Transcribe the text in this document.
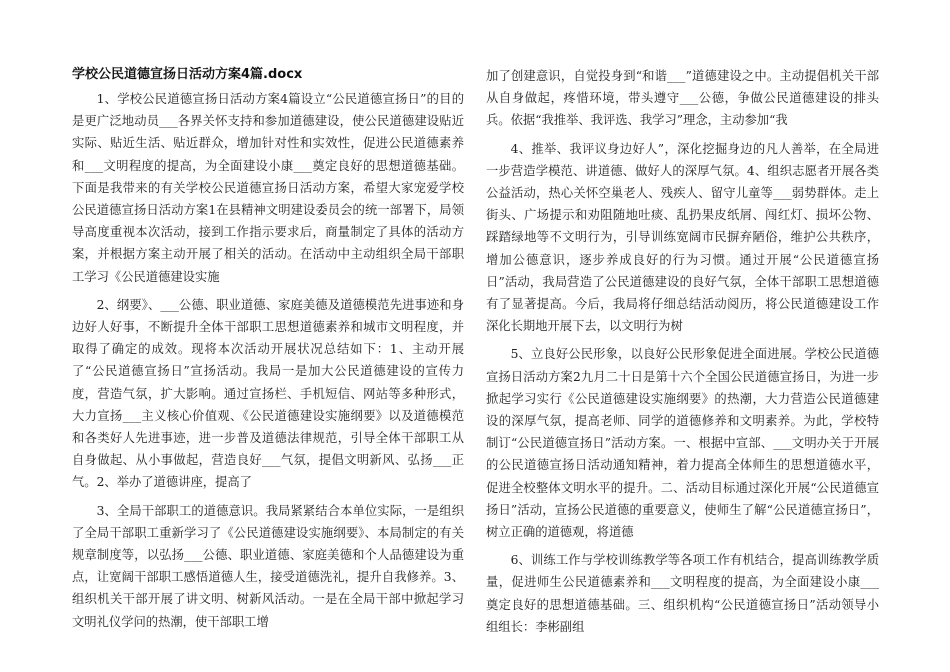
学校公民道德宣扬日活动方案4篇.docx

1、学校公民道德宣扬日活动方案4篇设立“公民道德宣扬日”的目的是更广泛地动员___各界关怀支持和参加道德建设，使公民道德建设贴近实际、贴近生活、贴近群众，增加针对性和实效性，促进公民道德素养和___文明程度的提高，为全面建设小康___奠定良好的思想道德基础。下面是我带来的有关学校公民道德宣扬日活动方案，希望大家宠爱学校公民道德宣扬日活动方案1在县精神文明建设委员会的统一部署下，局领导高度重视本次活动，接到工作指示要求后，商量制定了具体的活动方案，并根据方案主动开展了相关的活动。在活动中主动组织全局干部职工学习《公民道德建设实施

2、纲要》、___公德、职业道德、家庭美德及道德模范先进事迹和身边好人好事，不断提升全体干部职工思想道德素养和城市文明程度，并取得了确定的成效。现将本次活动开展状况总结如下：1、主动开展了“公民道德宣扬日”宣扬活动。我局一是加大公民道德建设的宣传力度，营造气氛，扩大影响。通过宣扬栏、手机短信、网站等多种形式，大力宣扬___主义核心价值观、《公民道德建设实施纲要》以及道德模范和各类好人先进事迹，进一步普及道德法律规范，引导全体干部职工从自身做起、从小事做起，营造良好___气氛，提倡文明新风、弘扬___正气。2、举办了道德讲座，提高了

3、全局干部职工的道德意识。我局紧紧结合本单位实际，一是组织了全局干部职工重新学习了《公民道德建设实施纲要》、本局制定的有关规章制度等，以弘扬___公德、职业道德、家庭美德和个人品德建设为重点，让宽阔干部职工感悟道德人生，接受道德洗礼，提升自我修养。3、组织机关干部开展了讲文明、树新风活动。一是在全局干部中掀起学习文明礼仪学问的热潮，使干部职工增

加了创建意识，自觉投身到“和谐___”道德建设之中。主动提倡机关干部从自身做起，疼惜环境，带头遵守___公德，争做公民道德建设的排头兵。依据“我推举、我评选、我学习”理念，主动参加“我

4、推举、我评议身边好人”，深化挖掘身边的凡人善举，在全局进一步营造学模范、讲道德、做好人的深厚气氛。4、组织志愿者开展各类公益活动，热心关怀空巢老人、残疾人、留守儿童等___弱势群体。走上街头、广场提示和劝阻随地吐痰、乱扔果皮纸屑、闯红灯、损坏公物、踩踏绿地等不文明行为，引导训练宽阔市民摒弃陋俗，维护公共秩序，增加公德意识，逐步养成良好的行为习惯。通过开展“公民道德宣扬日”活动，我局营造了公民道德建设的良好气氛，全体干部职工思想道德有了显著提高。今后，我局将仔细总结活动阅历，将公民道德建设工作深化长期地开展下去，以文明行为树

5、立良好公民形象，以良好公民形象促进全面进展。学校公民道德宣扬日活动方案2九月二十日是第十六个全国公民道德宣扬日，为进一步掀起学习实行《公民道德建设实施纲要》的热潮，大力营造公民道德建设的深厚气氛，提高老师、同学的道德修养和文明素养。为此，学校特制订“公民道德宣扬日”活动方案。一、根据中宣部、___文明办关于开展的公民道德宣扬日活动通知精神，着力提高全体师生的思想道德水平，促进全校整体文明水平的提升。二、活动目标通过深化开展“公民道德宣扬日”活动，宣扬公民道德的重要意义，使师生了解“公民道德宣扬日”，树立正确的道德观，将道德

6、训练工作与学校训练教学等各项工作有机结合，提高训练教学质量，促进师生公民道德素养和___文明程度的提高，为全面建设小康___奠定良好的思想道德基础。三、组织机构“公民道德宣扬日”活动领导小组组长：李彬副组
